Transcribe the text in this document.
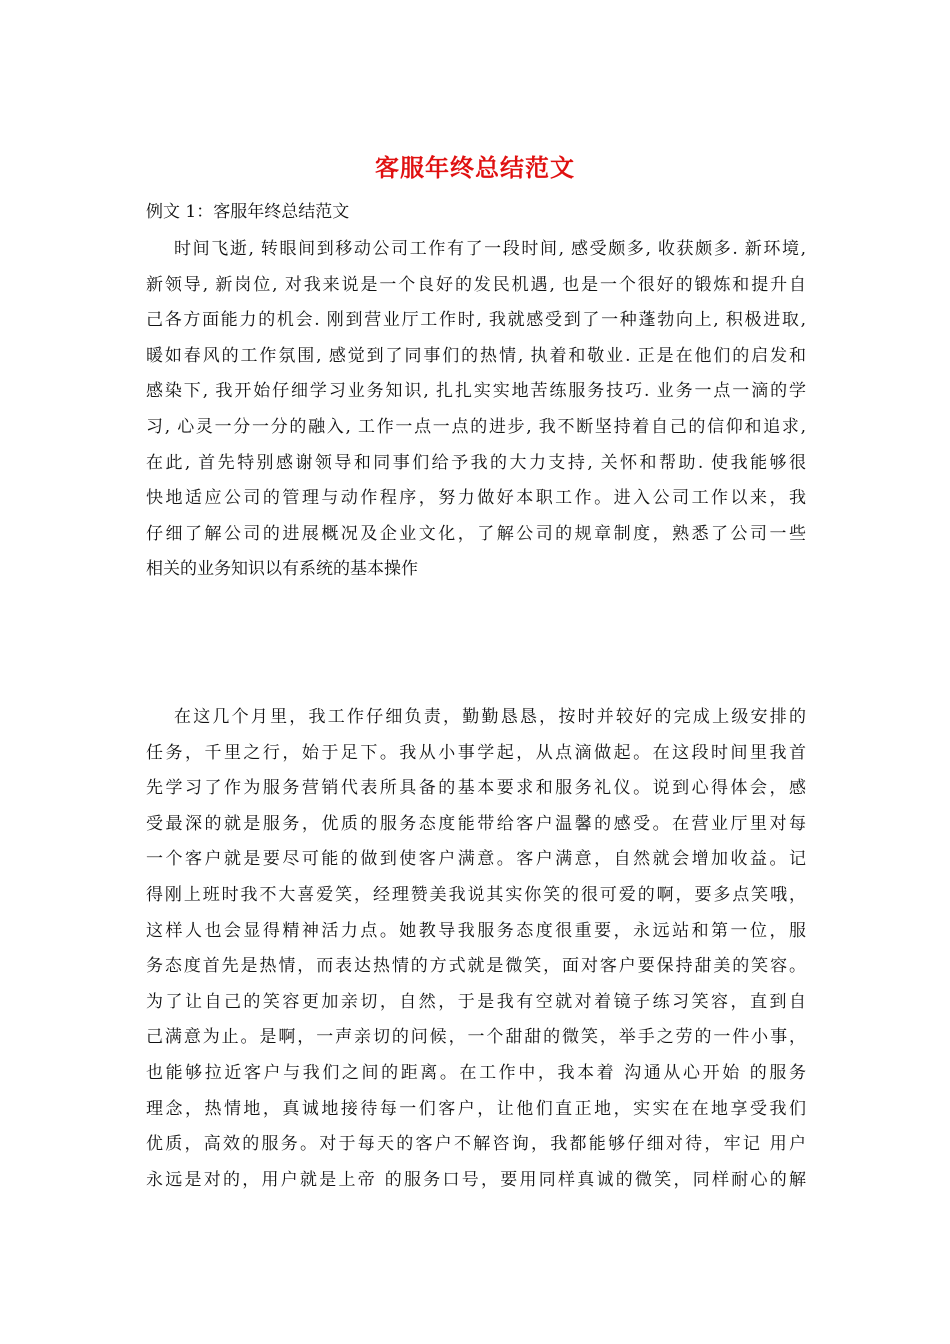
客服年终总结范文
例文 1：客服年终总结范文
时间飞逝, 转眼间到移动公司工作有了一段时间, 感受颇多, 收获颇多. 新环境,
新领导, 新岗位, 对我来说是一个良好的发民机遇, 也是一个很好的锻炼和提升自
己各方面能力的机会. 刚到营业厅工作时, 我就感受到了一种蓬勃向上, 积极进取,
暖如春风的工作氛围, 感觉到了同事们的热情, 执着和敬业. 正是在他们的启发和
感染下, 我开始仔细学习业务知识, 扎扎实实地苦练服务技巧. 业务一点一滴的学
习, 心灵一分一分的融入, 工作一点一点的进步, 我不断坚持着自己的信仰和追求,
在此, 首先特别感谢领导和同事们给予我的大力支持, 关怀和帮助. 使我能够很
快地适应公司的管理与动作程序，努力做好本职工作。进入公司工作以来，我
仔细了解公司的进展概况及企业文化，了解公司的规章制度，熟悉了公司一些
相关的业务知识以有系统的基本操作
在这几个月里，我工作仔细负责，勤勤恳恳，按时并较好的完成上级安排的
任务，千里之行，始于足下。我从小事学起，从点滴做起。在这段时间里我首
先学习了作为服务营销代表所具备的基本要求和服务礼仪。说到心得体会，感
受最深的就是服务，优质的服务态度能带给客户温馨的感受。在营业厅里对每
一个客户就是要尽可能的做到使客户满意。客户满意，自然就会增加收益。记
得刚上班时我不大喜爱笑，经理赞美我说其实你笑的很可爱的啊，要多点笑哦，
这样人也会显得精神活力点。她教导我服务态度很重要，永远站和第一位，服
务态度首先是热情，而表达热情的方式就是微笑，面对客户要保持甜美的笑容。
为了让自己的笑容更加亲切，自然，于是我有空就对着镜子练习笑容，直到自
己满意为止。是啊，一声亲切的问候，一个甜甜的微笑，举手之劳的一件小事，
也能够拉近客户与我们之间的距离。在工作中，我本着 沟通从心开始 的服务
理念，热情地，真诚地接待每一们客户，让他们直正地，实实在在地享受我们
优质，高效的服务。对于每天的客户不解咨询，我都能够仔细对待，牢记 用户
永远是对的，用户就是上帝 的服务口号，要用同样真诚的微笑，同样耐心的解
